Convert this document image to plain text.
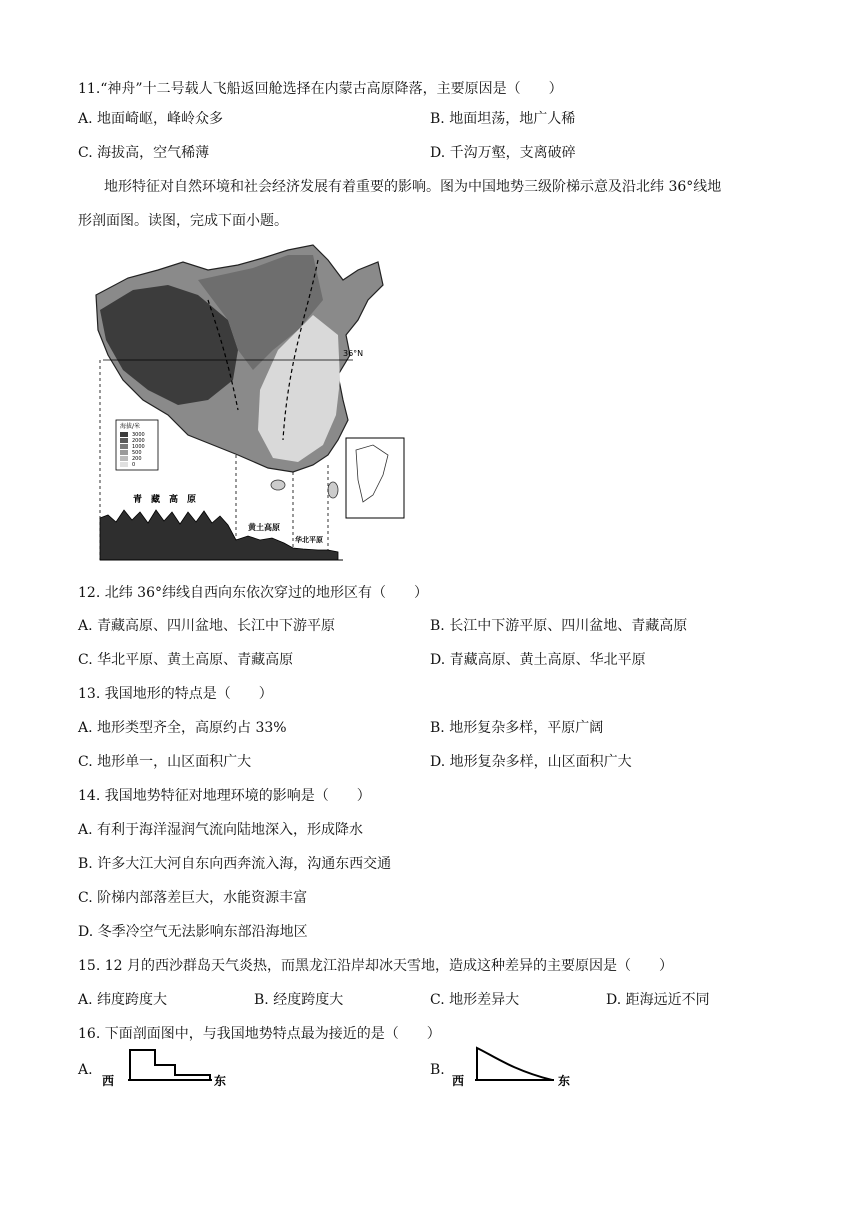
11.“神舟”十二号载人飞船返回舱选择在内蒙古高原降落，主要原因是（　　）
A. 地面崎岖，峰岭众多	B. 地面坦荡，地广人稀
C. 海拔高，空气稀薄	D. 千沟万壑，支离破碎
地形特征对自然环境和社会经济发展有着重要的影响。图为中国地势三级阶梯示意及沿北纬 36°线地
形剖面图。读图，完成下面小题。
36°N
海拔/米
3000
2000
1000
500
200
0
青　藏　高　原
黄土高原
华北平原
12. 北纬 36°纬线自西向东依次穿过的地形区有（　　）
A. 青藏高原、四川盆地、长江中下游平原	B. 长江中下游平原、四川盆地、青藏高原
C. 华北平原、黄土高原、青藏高原	D. 青藏高原、黄土高原、华北平原
13. 我国地形的特点是（　　）
A. 地形类型齐全，高原约占 33%	B. 地形复杂多样，平原广阔
C. 地形单一，山区面积广大	D. 地形复杂多样，山区面积广大
14. 我国地势特征对地理环境的影响是（　　）
A. 有利于海洋湿润气流向陆地深入，形成降水
B. 许多大江大河自东向西奔流入海，沟通东西交通
C. 阶梯内部落差巨大，水能资源丰富
D. 冬季冷空气无法影响东部沿海地区
15. 12 月的西沙群岛天气炎热，而黑龙江沿岸却冰天雪地，造成这种差异的主要原因是（　　）
A. 纬度跨度大	B. 经度跨度大	C. 地形差异大	D. 距海远近不同
16. 下面剖面图中，与我国地势特点最为接近的是（　　）
A.
西	东
B.
西	东
